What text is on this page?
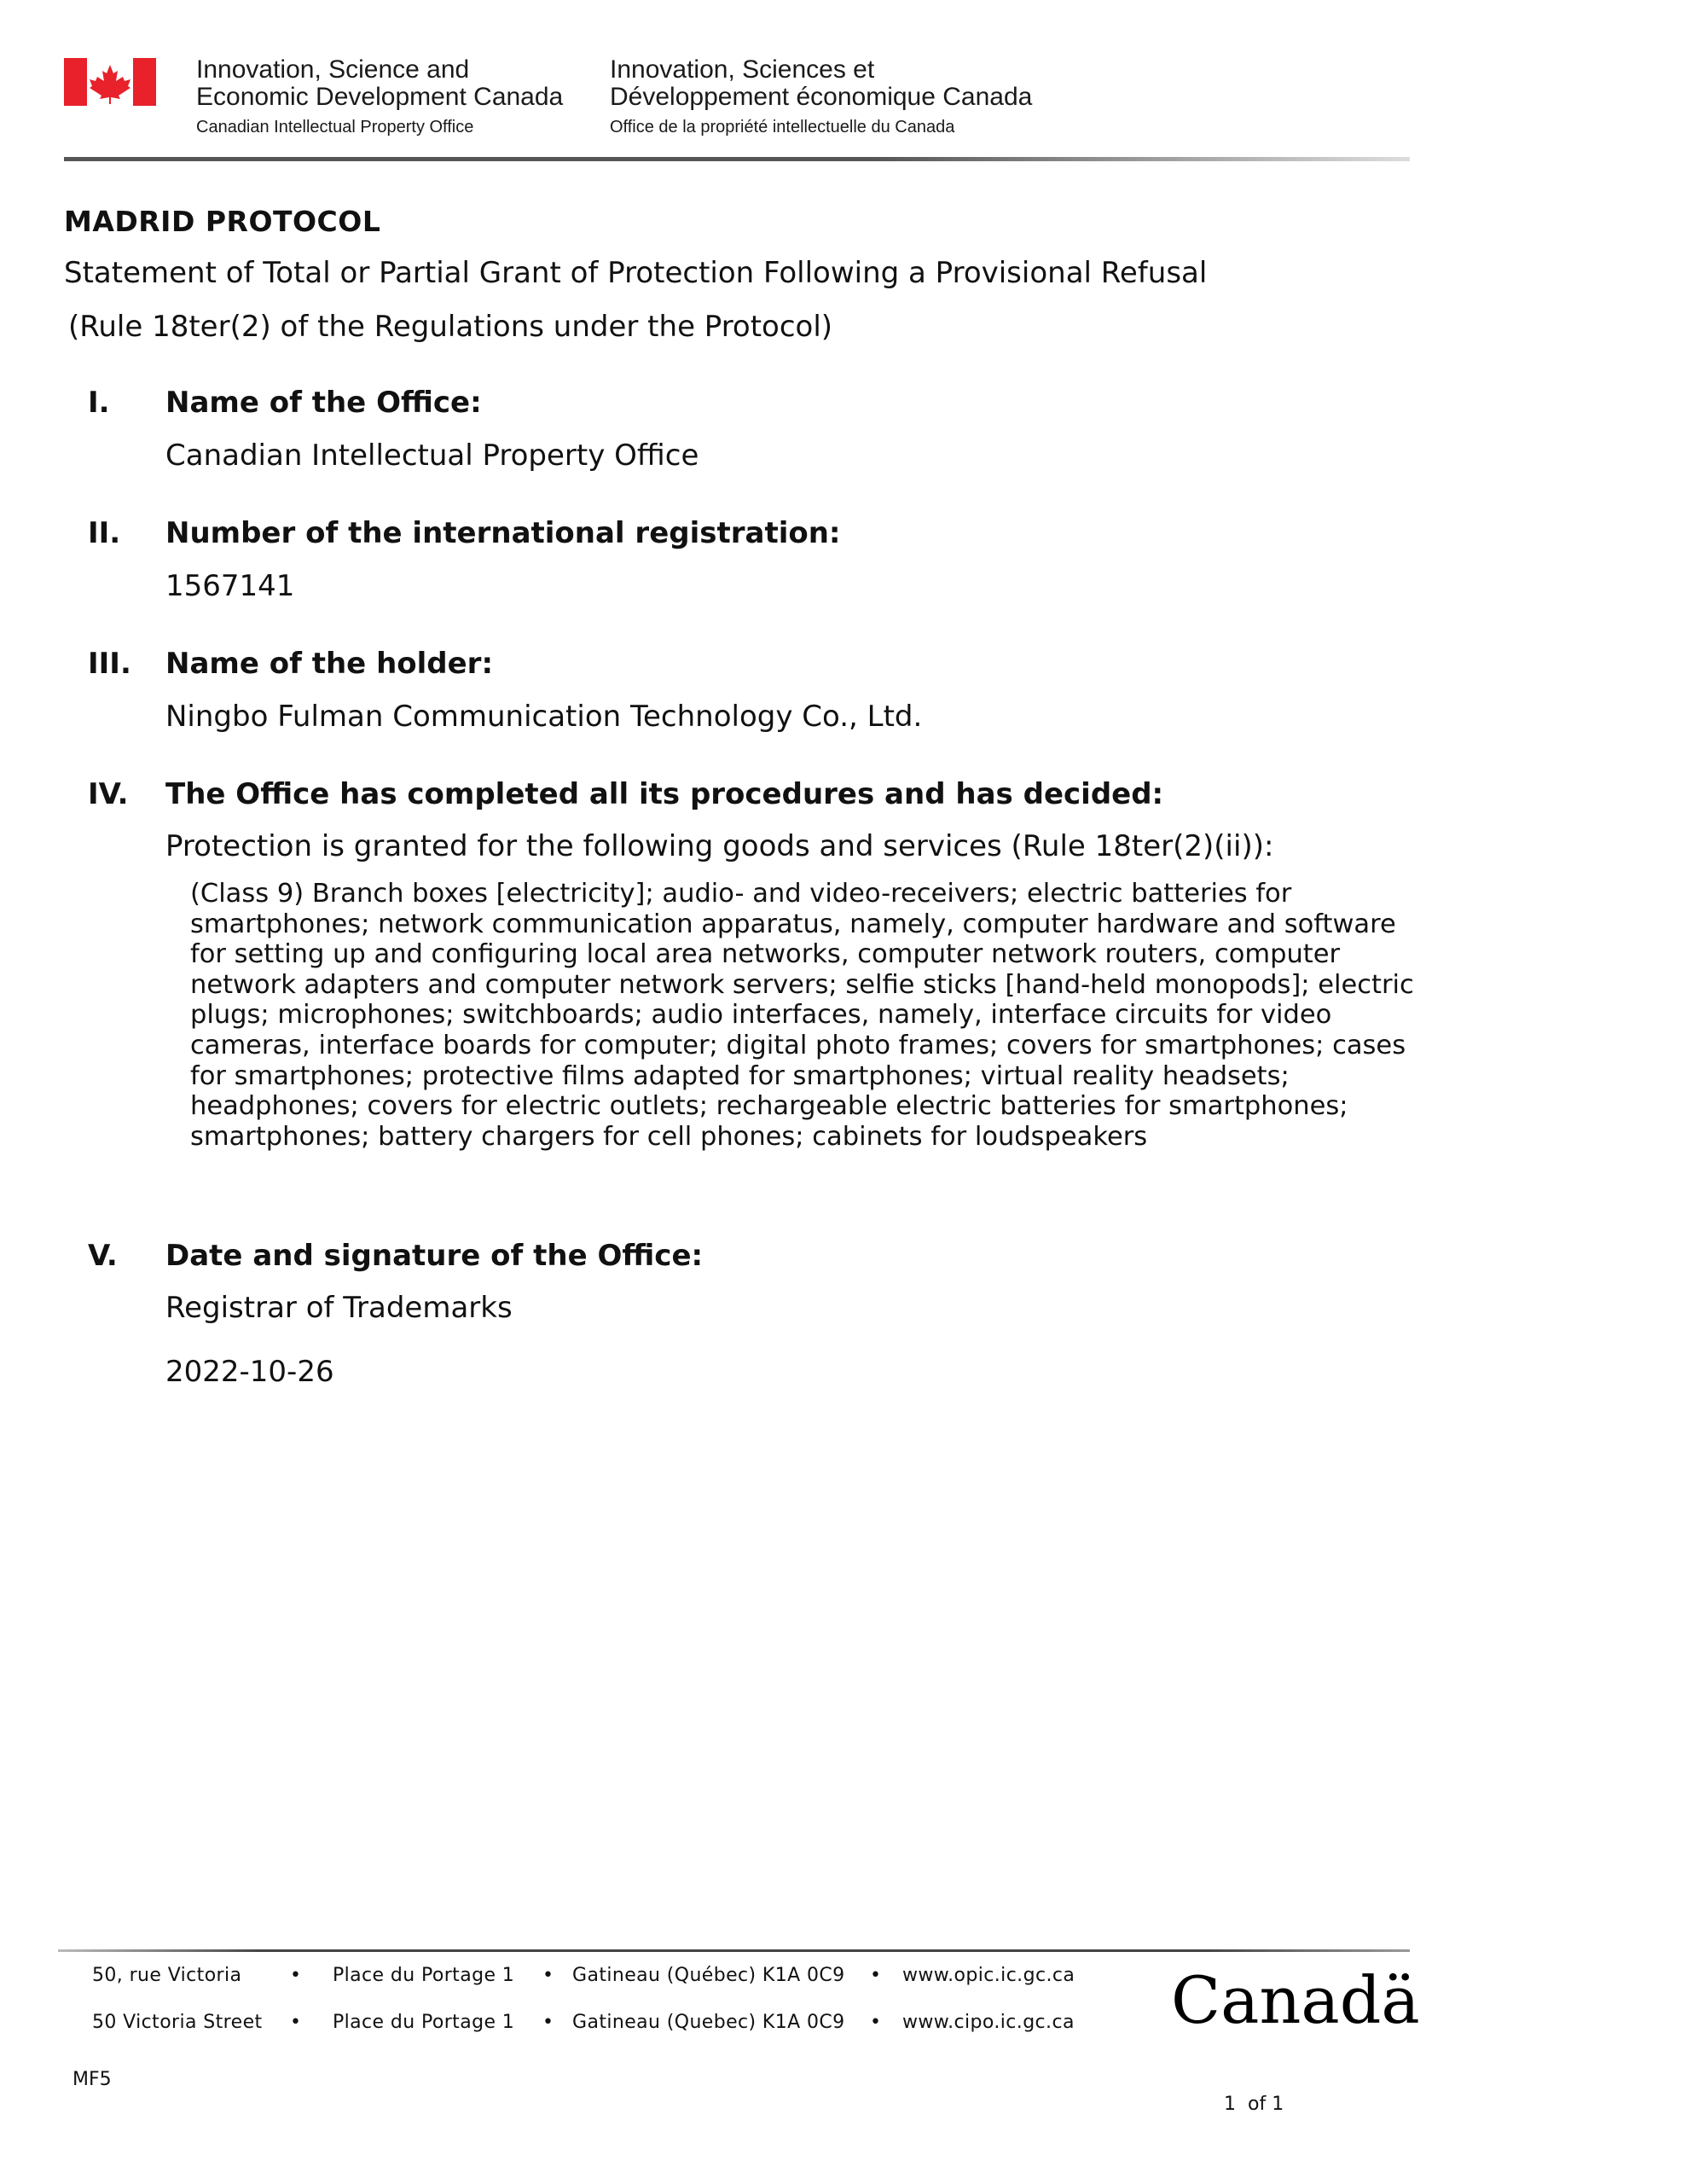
Innovation, Science and
Economic Development Canada
Canadian Intellectual Property Office
Innovation, Sciences et
Développement économique Canada
Office de la propriété intellectuelle du Canada
MADRID PROTOCOL
Statement of Total or Partial Grant of Protection Following a Provisional Refusal
(Rule 18ter(2) of the Regulations under the Protocol)
I. Name of the Office:
Canadian Intellectual Property Office
II. Number of the international registration:
1567141
III. Name of the holder:
Ningbo Fulman Communication Technology Co., Ltd.
IV. The Office has completed all its procedures and has decided:
Protection is granted for the following goods and services (Rule 18ter(2)(ii)):
(Class 9) Branch boxes [electricity]; audio- and video-receivers; electric batteries for
smartphones; network communication apparatus, namely, computer hardware and software
for setting up and configuring local area networks, computer network routers, computer
network adapters and computer network servers; selfie sticks [hand-held monopods]; electric
plugs; microphones; switchboards; audio interfaces, namely, interface circuits for video
cameras, interface boards for computer; digital photo frames; covers for smartphones; cases
for smartphones; protective films adapted for smartphones; virtual reality headsets;
headphones; covers for electric outlets; rechargeable electric batteries for smartphones;
smartphones; battery chargers for cell phones; cabinets for loudspeakers
V. Date and signature of the Office:
Registrar of Trademarks
2022-10-26
50, rue Victoria	• Place du Portage 1 • Gatineau (Québec) K1A 0C9 • www.opic.ic.gc.ca
50 Victoria Street • Place du Portage 1 • Gatineau (Quebec) K1A 0C9 • www.cipo.ic.gc.ca Canadä
MF5
1 of 1
